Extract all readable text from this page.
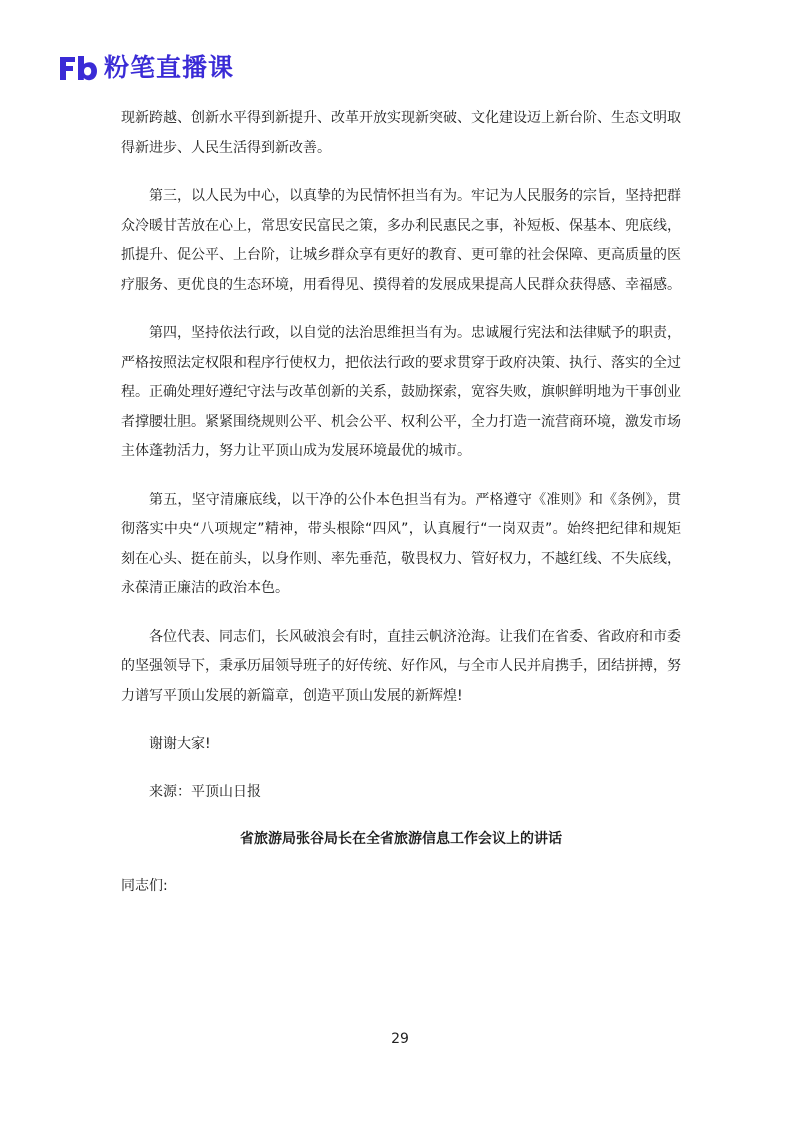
粉笔直播课

现新跨越、创新水平得到新提升、改革开放实现新突破、文化建设迈上新台阶、生态文明取得新进步、人民生活得到新改善。

第三，以人民为中心，以真挚的为民情怀担当有为。牢记为人民服务的宗旨，坚持把群众冷暖甘苦放在心上，常思安民富民之策，多办利民惠民之事，补短板、保基本、兜底线，抓提升、促公平、上台阶，让城乡群众享有更好的教育、更可靠的社会保障、更高质量的医疗服务、更优良的生态环境，用看得见、摸得着的发展成果提高人民群众获得感、幸福感。

第四，坚持依法行政，以自觉的法治思维担当有为。忠诚履行宪法和法律赋予的职责，严格按照法定权限和程序行使权力，把依法行政的要求贯穿于政府决策、执行、落实的全过程。正确处理好遵纪守法与改革创新的关系，鼓励探索，宽容失败，旗帜鲜明地为干事创业者撑腰壮胆。紧紧围绕规则公平、机会公平、权利公平，全力打造一流营商环境，激发市场主体蓬勃活力，努力让平顶山成为发展环境最优的城市。

第五，坚守清廉底线，以干净的公仆本色担当有为。严格遵守《准则》和《条例》，贯彻落实中央“八项规定”精神，带头根除“四风”，认真履行“一岗双责”。始终把纪律和规矩刻在心头、挺在前头，以身作则、率先垂范，敬畏权力、管好权力，不越红线、不失底线，永葆清正廉洁的政治本色。

各位代表、同志们，长风破浪会有时，直挂云帆济沧海。让我们在省委、省政府和市委的坚强领导下，秉承历届领导班子的好传统、好作风，与全市人民并肩携手，团结拼搏，努力谱写平顶山发展的新篇章，创造平顶山发展的新辉煌!

谢谢大家!

来源：平顶山日报

省旅游局张谷局长在全省旅游信息工作会议上的讲话

同志们:

29
